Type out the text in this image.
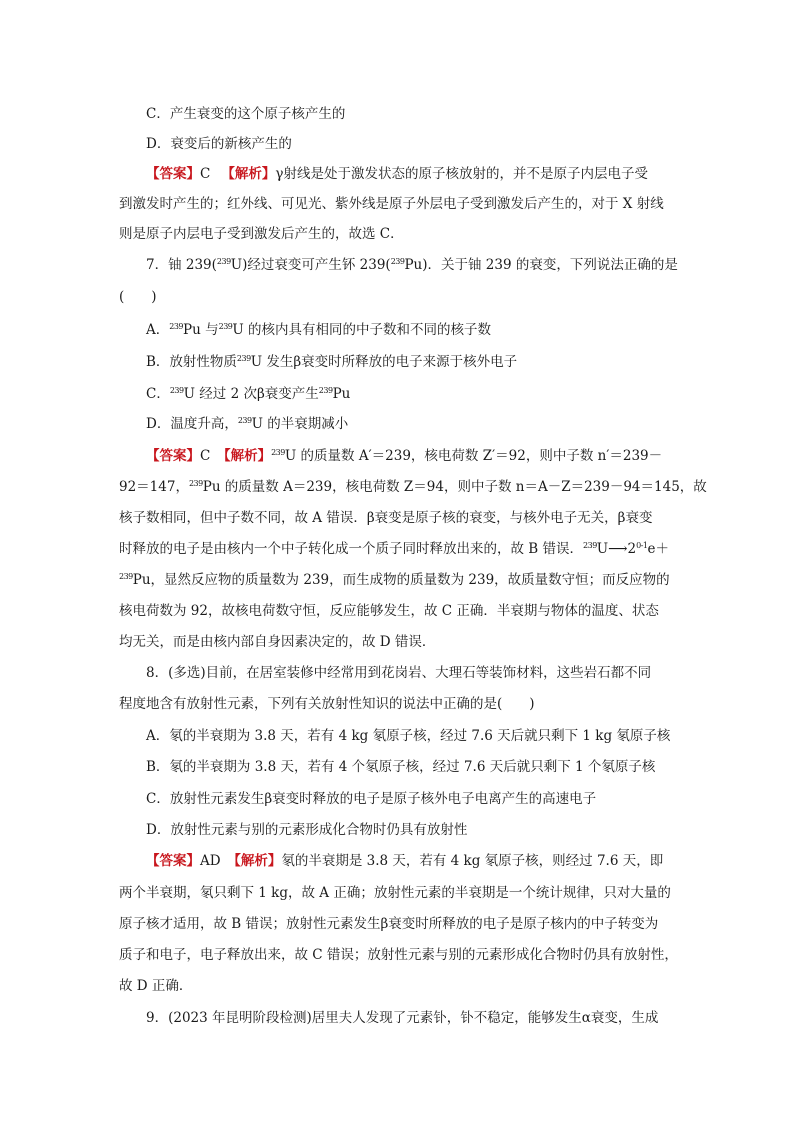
C．产生衰变的这个原子核产生的
D．衰变后的新核产生的
【答案】C 　【解析】γ射线是处于激发状态的原子核放射的，并不是原子内层电子受
到激发时产生的；红外线、可见光、紫外线是原子外层电子受到激发后产生的，对于 X 射线
则是原子内层电子受到激发后产生的，故选 C．
7．铀 239($^{239}$U)经过衰变可产生钚 239($^{239}$Pu)．关于铀 239 的衰变，下列说法正确的是
(　　)
A．$^{239}$Pu 与$^{239}$U 的核内具有相同的中子数和不同的核子数
B．放射性物质$^{239}$U 发生β衰变时所释放的电子来源于核外电子
C．$^{239}$U 经过 2 次β衰变产生$^{239}$Pu
D．温度升高，$^{239}$U 的半衰期减小
【答案】C　【解析】$^{239}$U 的质量数 A′＝239，核电荷数 Z′＝92，则中子数 n′＝239－
92＝147，$^{239}$Pu 的质量数 A＝239，核电荷数 Z＝94，则中子数 n＝A－Z＝239－94＝145，故
核子数相同，但中子数不同，故 A 错误．β衰变是原子核的衰变，与核外电子无关，β衰变
时释放的电子是由核内一个中子转化成一个质子同时释放出来的，故 B 错误．$^{239}U⟶2^{0-1}e+$
$^{239}$Pu，显然反应物的质量数为 239，而生成物的质量数为 239，故质量数守恒；而反应物的
核电荷数为 92，故核电荷数守恒，反应能够发生，故 C 正确．半衰期与物体的温度、状态
均无关，而是由核内部自身因素决定的，故 D 错误．
8．(多选)目前，在居室装修中经常用到花岗岩、大理石等装饰材料，这些岩石都不同
程度地含有放射性元素，下列有关放射性知识的说法中正确的是(　　)
A．氡的半衰期为 3.8 天，若有 4 kg 氡原子核，经过 7.6 天后就只剩下 1 kg 氡原子核
B．氡的半衰期为 3.8 天，若有 4 个氡原子核，经过 7.6 天后就只剩下 1 个氡原子核
C．放射性元素发生β衰变时释放的电子是原子核外电子电离产生的高速电子
D．放射性元素与别的元素形成化合物时仍具有放射性
【答案】AD　【解析】氡的半衰期是 3.8 天，若有 4 kg 氡原子核，则经过 7.6 天，即
两个半衰期，氡只剩下 1 kg，故 A 正确；放射性元素的半衰期是一个统计规律，只对大量的
原子核才适用，故 B 错误；放射性元素发生β衰变时所释放的电子是原子核内的中子转变为
质子和电子，电子释放出来，故 C 错误；放射性元素与别的元素形成化合物时仍具有放射性，
故 D 正确．
9．(2023 年昆明阶段检测)居里夫人发现了元素钋，钋不稳定，能够发生α衰变，生成
